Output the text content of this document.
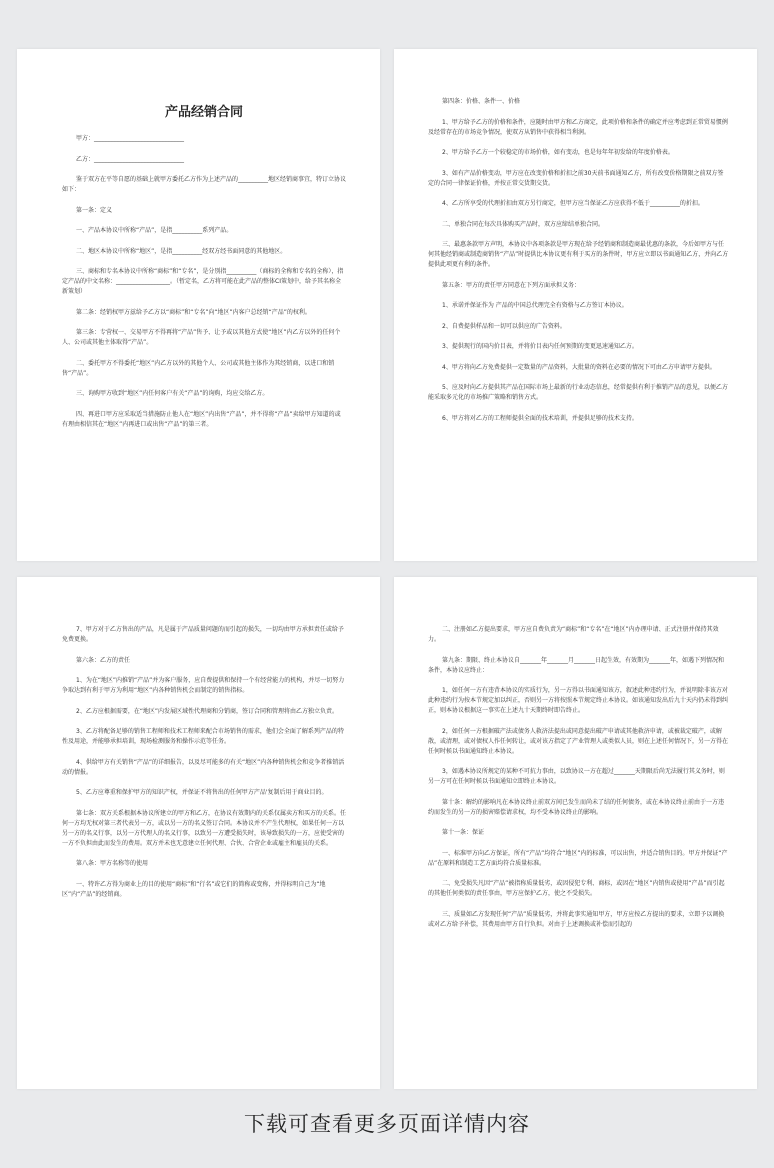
产品经销合同
甲方：______________________________
乙方：______________________________
鉴于双方在平等自愿的基础上就甲方委托乙方作为上述产品的__________地区经销商事宜，特订立协议如下：
第一条：定义
一、产品本协议中所称“产品”，是指__________系列产品。
二、地区本协议中所称“地区”，是指__________经双方经书面同意的其他地区。
三、商标和专名本协议中所称“商标”和“专名”，是分别指__________（商标的全称和专名的全称），指定产品的中文名称：__________________。（暂定名，乙方将可能在此产品的整体CI策划中，给予其名称全新策划）
第二条：经销权甲方兹给予乙方以“商标”和“专名”向“地区”内客户总经销“产品”的权利。
第三条：专营权一、交易甲方不得再将“产品”售予、让予或以其他方式使“地区”内乙方以外的任何个人、公司或其他主体取得“产品”。
二、委托甲方不得委托“地区”内乙方以外的其他个人、公司或其他主体作为其经销商，以进口和销售“产品”。
三、询购甲方收到“地区”内任何客户有关“产品”的询购，均应交给乙方。
四、再进口甲方应采取适当措施防止他人在“地区”内出售“产品”，并不得将“产品”卖给甲方知道的或有理由相信其在“地区”内再进口或出售“产品”的第三者。
第四条：价格、条件一、价格
1、甲方给予乙方的价格和条件，应随时由甲方和乙方商定，此项价格和条件的确定并应考虑到正常贸易惯例及经常存在的市场竞争情况，使双方从销售中获得相当利润。
2、甲方给予乙方一个较稳定的市场价格，如有变动，也是每年年初发给的年度价格表。
3、如有产品价格变动，甲方应在改变价格和折扣之前30天前书面通知乙方，所有改变价格期限之前双方签定的合同一律保证价格，并按正常交货期交货。
4、乙方所享受的代理折扣由双方另行商定，但甲方应当保证乙方应获得不低于__________的折扣。
二、单独合同在每次具体购买产品时，双方应缔结单独合同。
三、最惠条款甲方声明，本协议中各项条款是甲方现在给予经销商和制造商最优惠的条款，今后如甲方与任何其他经销商或制造商销售“产品”时提供比本协议更有利于买方的条件时，甲方应立即以书面通知乙方，并向乙方提供此项更有利的条件。
第五条：甲方的责任甲方同意在下列方面承担义务：
1、承诺并保证作为 产品的中国总代理完全有资格与乙方签订本协议。
2、自费提供样品和一切可以供应的广告资料。
3、提供现行的国内价目表，并将价目表内任何预期的变更迅速通知乙方。
4、甲方将向乙方免费提供一定数量的产品资料，大批量的资料在必要的情况下可由乙方申请甲方提供。
5、应及时向乙方提供其产品在国际市场上最新的行业动态信息，经常提供有利于推销产品的意见，以便乙方能采取多元化的市场推广策略和销售方式。
6、甲方将对乙方的工程师提供全面的技术培训，并提供足够的技术支持。
7、甲方对于乙方售出的产品，凡是属于产品质量问题的而引起的损失，一切均由甲方承担责任或给予免费更换。
第六条：乙方的责任
1、为在“地区”内推销“产品”并为客户服务，应自费提供和保持一个有经营能力的机构，并尽一切努力争取达到有利于甲方为利用“地区”内各种销售机会而制定的销售指标。
2、乙方应根据需要，在“地区”内发展区域性代理商和分销商，签订合同和管理将由乙方独立负责。
3、乙方将配备足够的销售工程师和技术工程师来配合市场销售的需求，他们会全面了解系列产品的特性及用途，并能够承担培训，现场检测服务和操作示范等任务。
4、供给甲方有关销售“产品”的详细报告，以及尽可能多的有关“地区”内各种销售机会和竞争者推销活动的情报。
5、乙方应尊重和保护甲方的知识产权，并保证不将售出的任何甲方产品'复制后用于商业目的。
第七条：双方关系根据本协议所建立的甲方和乙方，在协议有效期内的关系仅属卖方和买方的关系。任何一方均无权对第三者代表另一方，或以另一方的名义签订合同。本协议并不产生代理权，如果任何一方以另一方的名义行事，以另一方代理人的名义行事，以致另一方遭受损失时，该导致损失的一方，应使受害的一方不负担由此而发生的费用。双方并未也无意建立任何代理、合伙、合营企业或雇主和雇员的关系。
第八条：甲方名称等的使用
一、特许乙方得为商业上的目的使用“商标”和“行名”或它们的简称或变称，并得标明自己为“地区”内“产品”的经销商。
二、注册如乙方提出要求，甲方应自费负责为“商标”和“专名”在“地区”内办理申请、正式注册并保持其效力。
第九条：期限、终止本协议自_______年_______月_______日起生效，有效期为_______年，如遇下列情况和条件，本协议应终止：
1，如任何一方有违背本协议的实质行为，另一方得以书面通知该方，叙述此种违约行为，并说明除非该方对此种违约行为按本节规定加以纠正，否则另一方将按照本节规定终止本协议。如该通知发出后九十天内仍未得到纠正，则本协议根据这一事实在上述九十天期终时即告终止。
2，如任何一方根据破产法或债务人救济法提出或同意提出破产申请或其他救济申请，或被裁定破产，或解散，或清理，或对债权人作任何转让，或对该方指定了产业管理人或类似人员，则在上述任何情况下，另一方得在任何时候以书面通知终止本协议。
3，如遇本协议所规定的某种不可抗力事由，以致协议一方在超过_______天期限后尚无法履行其义务时，则另一方可在任何时候以书面通知立即终止本协议。
第十条：解约的影响凡在本协议终止前双方间已发生而尚未了结的任何债务，或在本协议终止前由于一方违约而发生的另一方的损害赔偿请求权，均不受本协议终止的影响。
第十一条：保证
一、标准甲方向乙方保证，所有“产品”均符合“地区”内的标准，可以出售，并适合销售目的。甲方并保证“产品”在原料和制造工艺方面均符合质量标准。
二、免受损失凡因“产品”被指称质量低劣，或因侵犯专利、商标，或因在“地区”内销售或使用“产品”而引起的其他任何类似的责任事由，甲方应保护乙方，使之不受损失。
三、质量如乙方发现任何“产品”质量低劣，并将此事实通知甲方，甲方应按乙方提出的要求，立即予以调换或对乙方给予补偿，其费用由甲方自行负担。对由于上述调换或补偿而引起的
下载可查看更多页面详情内容
